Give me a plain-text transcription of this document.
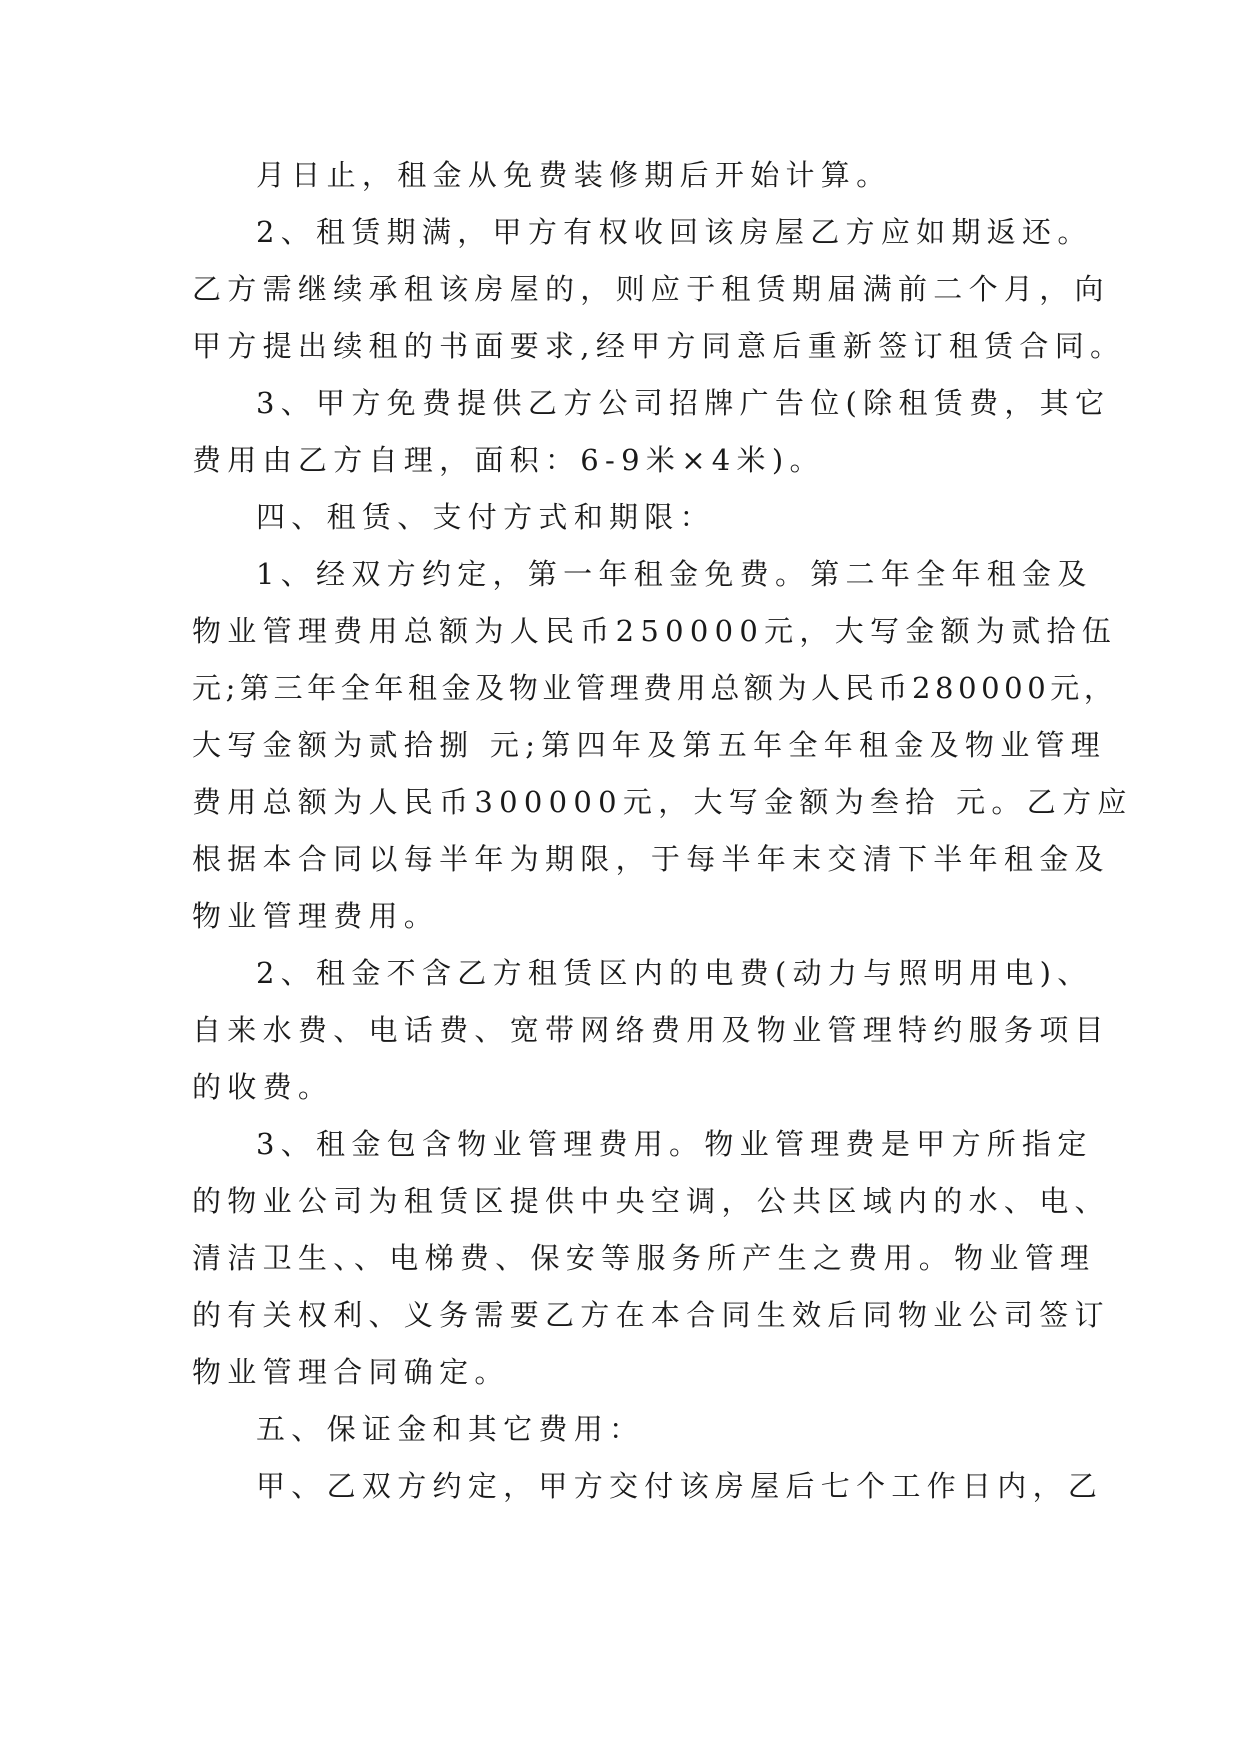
月日止，租金从免费装修期后开始计算。

2、租赁期满，甲方有权收回该房屋乙方应如期返还。

乙方需继续承租该房屋的，则应于租赁期届满前二个月，向

甲方提出续租的书面要求,经甲方同意后重新签订租赁合同。

3、甲方免费提供乙方公司招牌广告位(除租赁费，其它

费用由乙方自理，面积：6-9米×4米)。

四、租赁、支付方式和期限：

1、经双方约定，第一年租金免费。第二年全年租金及

物业管理费用总额为人民币250000元，大写金额为贰拾伍

元;第三年全年租金及物业管理费用总额为人民币280000元，

大写金额为贰拾捌 元;第四年及第五年全年租金及物业管理

费用总额为人民币300000元，大写金额为叁拾 元。乙方应

根据本合同以每半年为期限，于每半年末交清下半年租金及

物业管理费用。

2、租金不含乙方租赁区内的电费(动力与照明用电)、

自来水费、电话费、宽带网络费用及物业管理特约服务项目

的收费。

3、租金包含物业管理费用。物业管理费是甲方所指定

的物业公司为租赁区提供中央空调，公共区域内的水、电、

清洁卫生、、电梯费、保安等服务所产生之费用。物业管理

的有关权利、义务需要乙方在本合同生效后同物业公司签订

物业管理合同确定。

五、保证金和其它费用：

甲、乙双方约定，甲方交付该房屋后七个工作日内，乙
